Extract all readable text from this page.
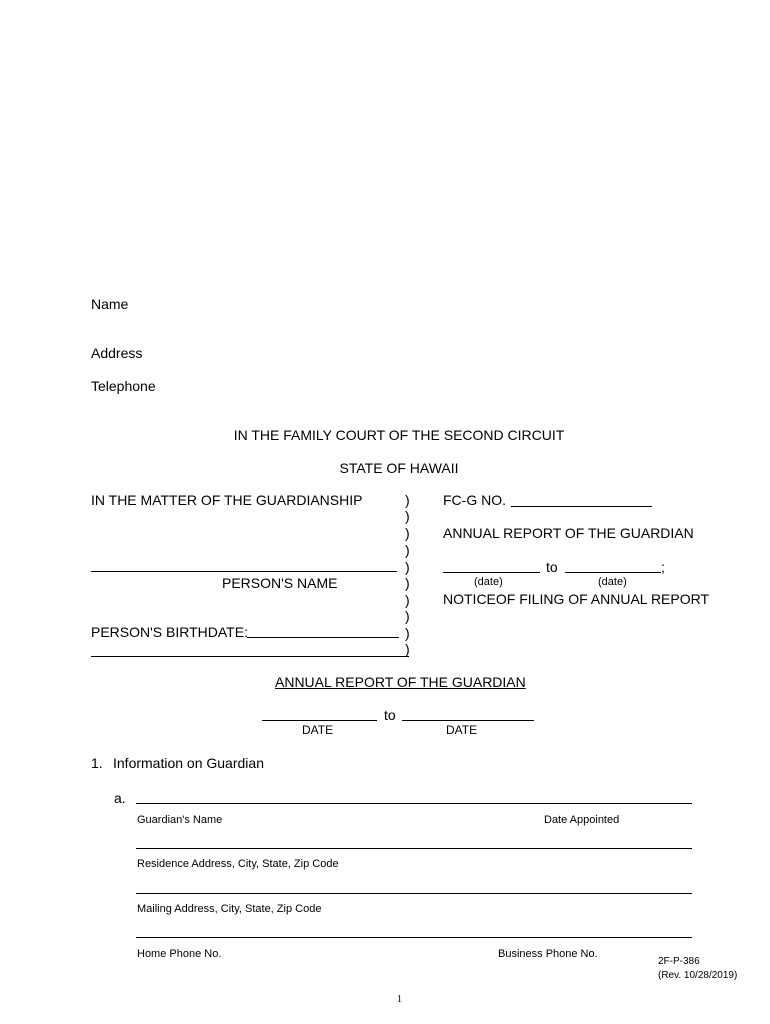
Name
Address
Telephone
IN THE FAMILY COURT OF THE SECOND CIRCUIT
STATE OF HAWAII
IN THE MATTER OF THE GUARDIANSHIP
PERSON'S NAME
PERSON'S BIRTHDATE:
)
)
)
)
)
)
)
)
)
)
FC-G NO.
ANNUAL REPORT OF THE GUARDIAN
to	;
(date)	(date)
NOTICEOF FILING OF ANNUAL REPORT
ANNUAL REPORT OF THE GUARDIAN
to
DATE	DATE
1. Information on Guardian
a.
Guardian's Name	Date Appointed
Residence Address, City, State, Zip Code
Mailing Address, City, State, Zip Code
Home Phone No.	Business Phone No.
2F-P-386
(Rev. 10/28/2019)
1
